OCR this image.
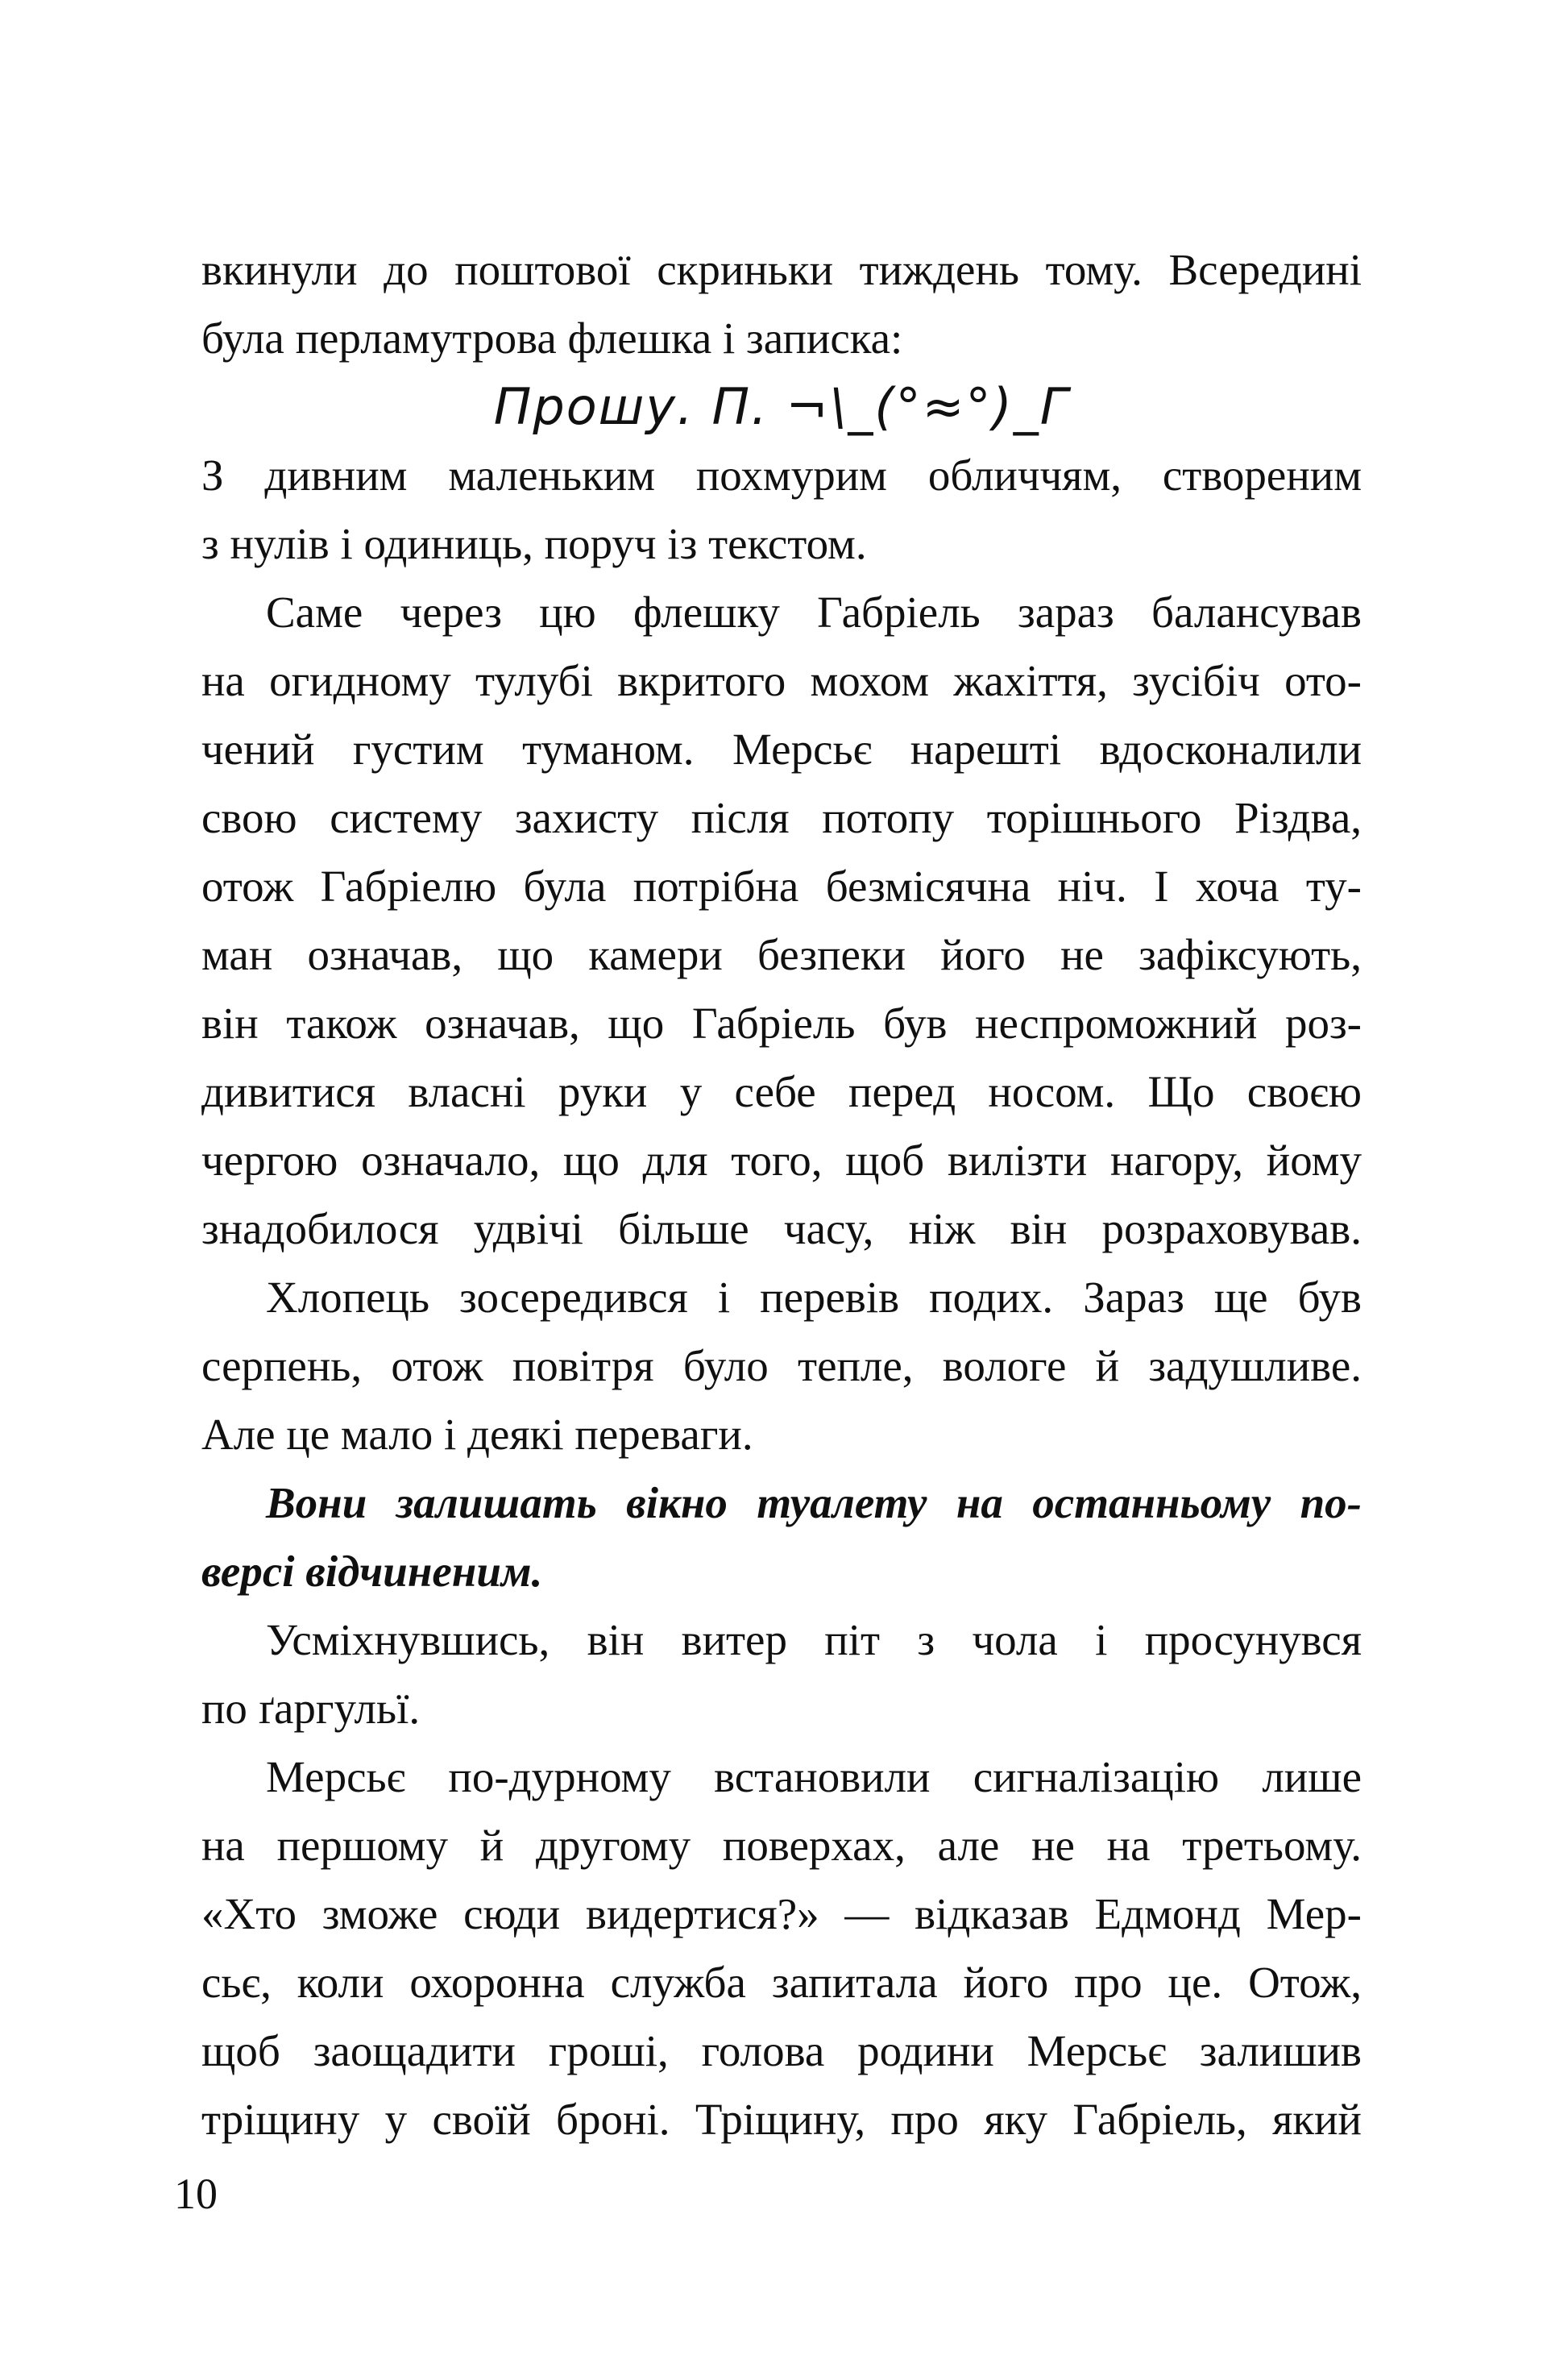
вкинули до поштової скриньки тиждень тому. Всередині
була перламутрова флешка і записка:

Прошу. П. ¬\_(°≈°)_Г

З дивним маленьким похмурим обличчям, створеним
з нулів і одиниць, поруч із текстом.

Саме через цю флешку Габріель зараз балансував
на огидному тулубі вкритого мохом жахіття, зусібіч ото-
чений густим туманом. Мерсьє нарешті вдосконалили
свою систему захисту після потопу торішнього Різдва,
отож Габріелю була потрібна безмісячна ніч. І хоча ту-
ман означав, що камери безпеки його не зафіксують,
він також означав, що Габріель був неспроможний роз-
дивитися власні руки у себе перед носом. Що своєю
чергою означало, що для того, щоб вилізти нагору, йому
знадобилося удвічі більше часу, ніж він розраховував.

Хлопець зосередився і перевів подих. Зараз ще був
серпень, отож повітря було тепле, вологе й задушливе.
Але це мало і деякі переваги.

Вони залишать вікно туалету на останньому по-
версі відчиненим.

Усміхнувшись, він витер піт з чола і просунувся
по ґаргульї.

Мерсьє по-дурному встановили сигналізацію лише
на першому й другому поверхах, але не на третьому.
«Хто зможе сюди видертися?» — відказав Едмонд Мер-
сьє, коли охоронна служба запитала його про це. Отож,
щоб заощадити гроші, голова родини Мерсьє залишив
тріщину у своїй броні. Тріщину, про яку Габріель, який

10
